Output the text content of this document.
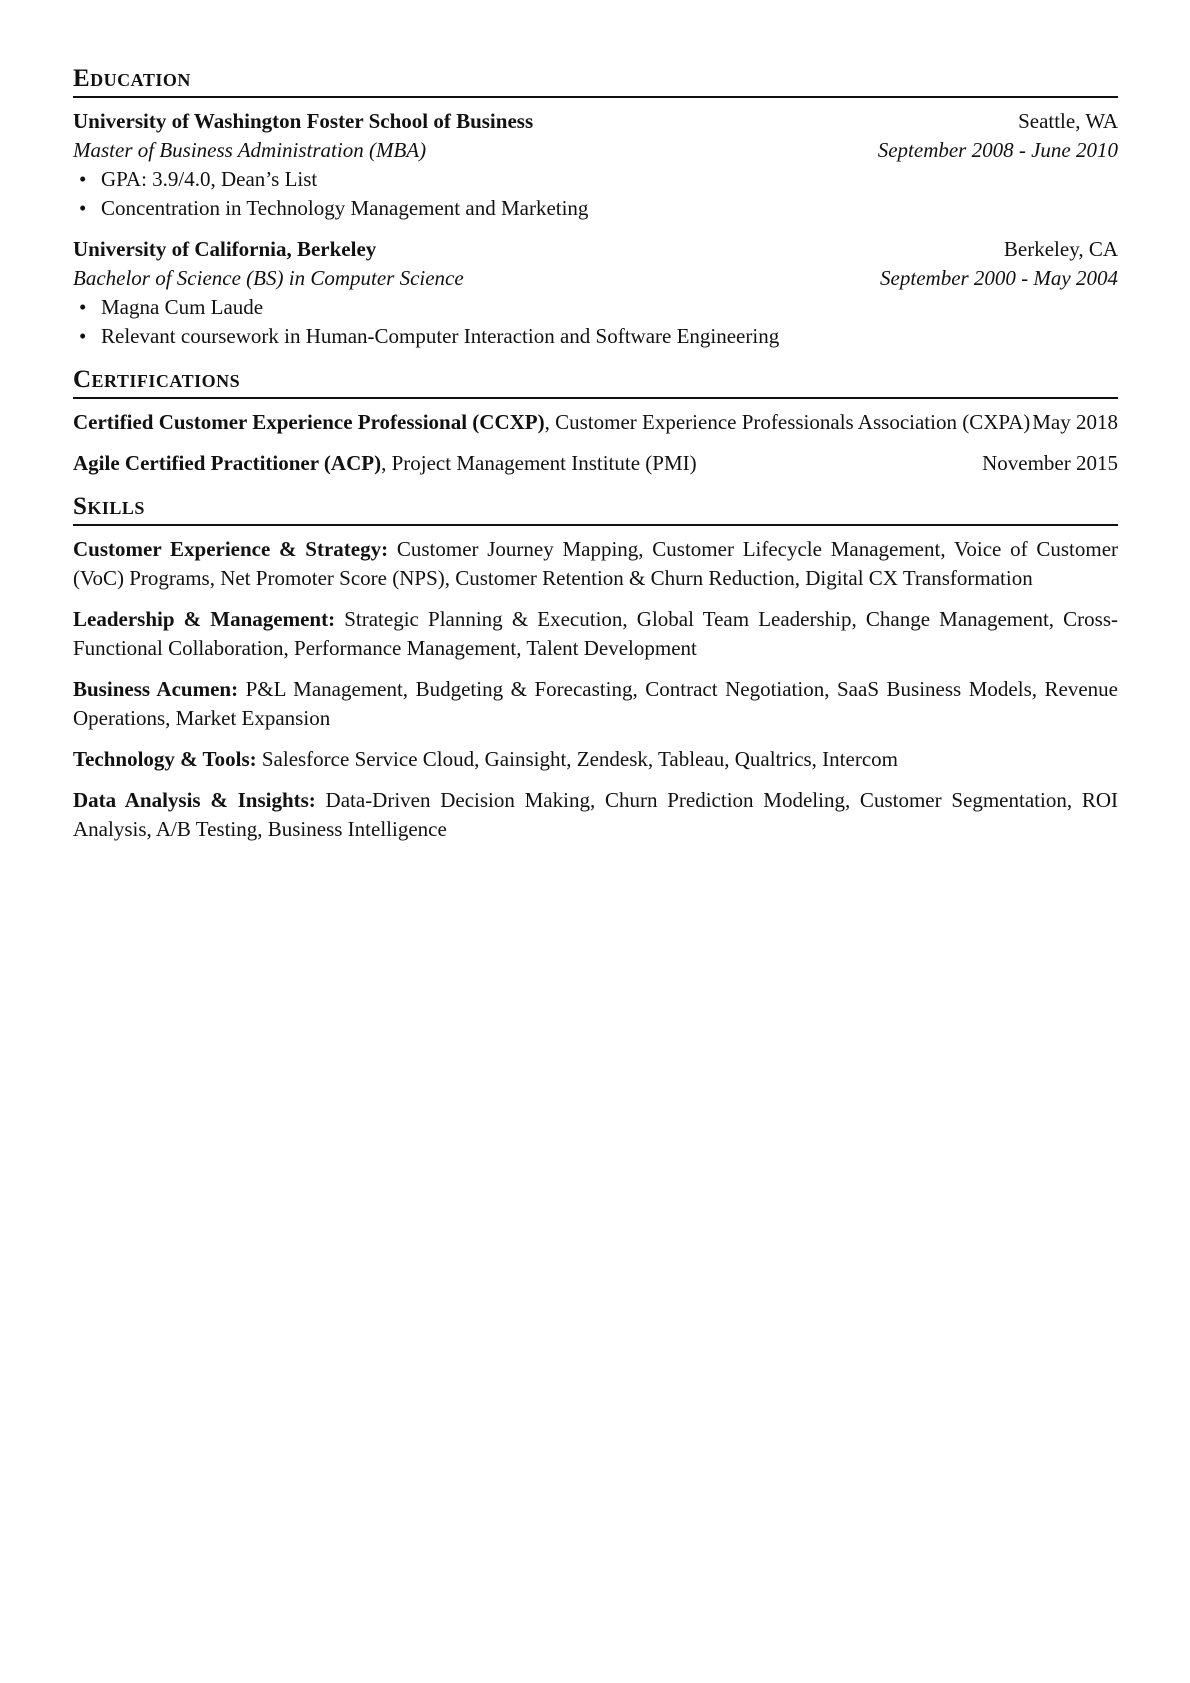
Education
University of Washington Foster School of Business	Seattle, WA
Master of Business Administration (MBA)	September 2008 - June 2010
• GPA: 3.9/4.0, Dean’s List
• Concentration in Technology Management and Marketing
University of California, Berkeley	Berkeley, CA
Bachelor of Science (BS) in Computer Science	September 2000 - May 2004
• Magna Cum Laude
• Relevant coursework in Human-Computer Interaction and Software Engineering
Certifications
Certified Customer Experience Professional (CCXP), Customer Experience Professionals Association (CXPA) May 2018
Agile Certified Practitioner (ACP), Project Management Institute (PMI)	November 2015
Skills
Customer Experience & Strategy: Customer Journey Mapping, Customer Lifecycle Management, Voice of Customer (VoC) Programs, Net Promoter Score (NPS), Customer Retention & Churn Reduction, Digital CX Transformation
Leadership & Management: Strategic Planning & Execution, Global Team Leadership, Change Management, Cross-Functional Collaboration, Performance Management, Talent Development
Business Acumen: P&L Management, Budgeting & Forecasting, Contract Negotiation, SaaS Business Models, Revenue Operations, Market Expansion
Technology & Tools: Salesforce Service Cloud, Gainsight, Zendesk, Tableau, Qualtrics, Intercom
Data Analysis & Insights: Data-Driven Decision Making, Churn Prediction Modeling, Customer Segmentation, ROI Analysis, A/B Testing, Business Intelligence
